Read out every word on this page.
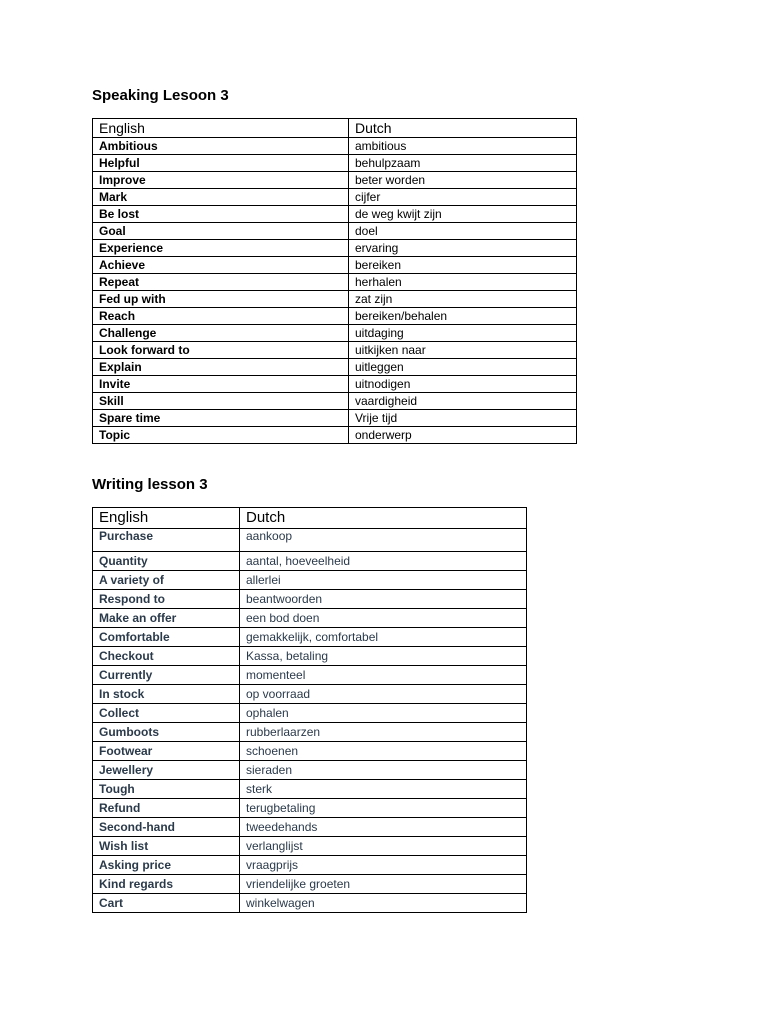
Speaking Lesoon 3
English	Dutch
Ambitious	ambitious
Helpful	behulpzaam
Improve	beter worden
Mark	cijfer
Be lost	de weg kwijt zijn
Goal	doel
Experience	ervaring
Achieve	bereiken
Repeat	herhalen
Fed up with	zat zijn
Reach	bereiken/behalen
Challenge	uitdaging
Look forward to	uitkijken naar
Explain	uitleggen
Invite	uitnodigen
Skill	vaardigheid
Spare time	Vrije tijd
Topic	onderwerp
Writing lesson 3
English	Dutch
Purchase	aankoop
Quantity	aantal, hoeveelheid
A variety of	allerlei
Respond to	beantwoorden
Make an offer	een bod doen
Comfortable	gemakkelijk, comfortabel
Checkout	Kassa, betaling
Currently	momenteel
In stock	op voorraad
Collect	ophalen
Gumboots	rubberlaarzen
Footwear	schoenen
Jewellery	sieraden
Tough	sterk
Refund	terugbetaling
Second-hand	tweedehands
Wish list	verlanglijst
Asking price	vraagprijs
Kind regards	vriendelijke groeten
Cart	winkelwagen
